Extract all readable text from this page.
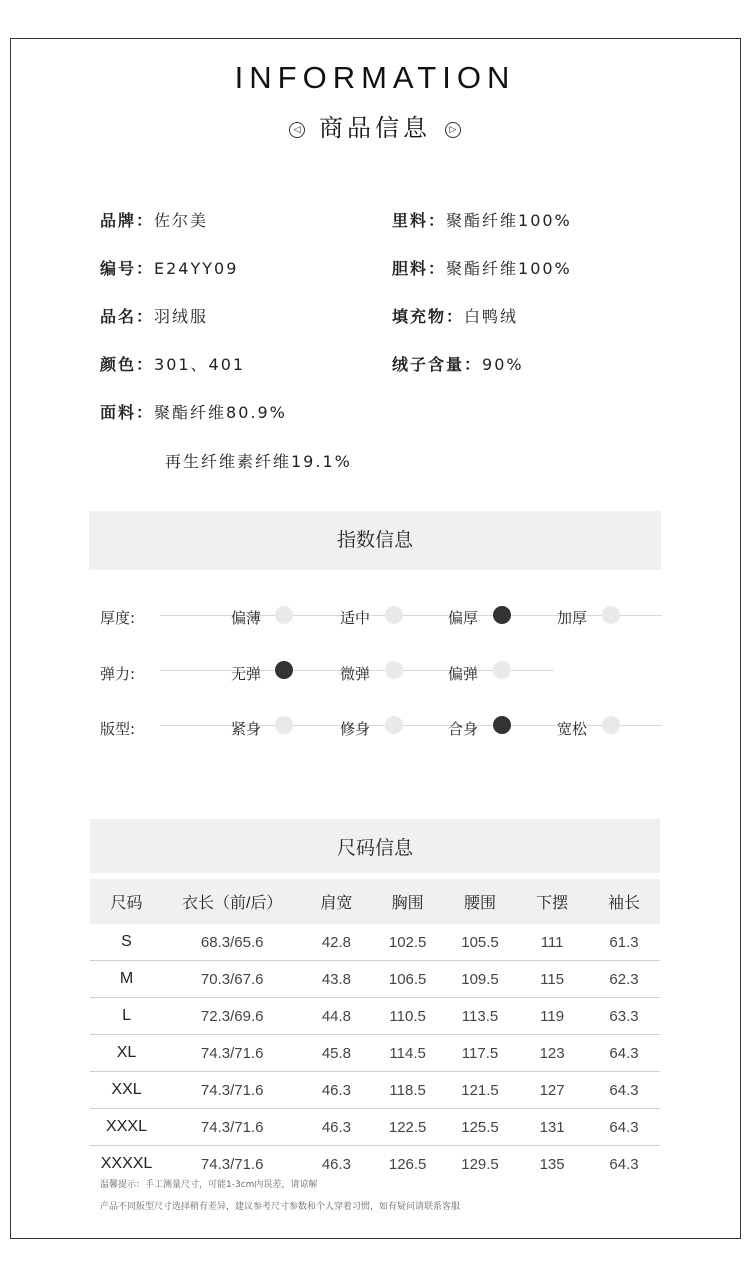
INFORMATION
◁ 商品信息 ▷
品牌：佐尔美
编号：E24YY09
品名：羽绒服
颜色：301、401
面料：聚酯纤维80.9%
再生纤维素纤维19.1%
里料：聚酯纤维100%
胆料：聚酯纤维100%
填充物：白鸭绒
绒子含量：90%
指数信息
厚度:	偏薄	适中	偏厚	加厚
弹力:	无弹	微弹	偏弹
版型:	紧身	修身	合身	宽松
尺码信息
尺码	衣长（前/后）	肩宽	胸围	腰围	下摆	袖长
S	68.3/65.6	42.8	102.5	105.5	111	61.3
M	70.3/67.6	43.8	106.5	109.5	115	62.3
L	72.3/69.6	44.8	110.5	113.5	119	63.3
XL	74.3/71.6	45.8	114.5	117.5	123	64.3
XXL	74.3/71.6	46.3	118.5	121.5	127	64.3
XXXL	74.3/71.6	46.3	122.5	125.5	131	64.3
XXXXL	74.3/71.6	46.3	126.5	129.5	135	64.3
温馨提示：手工测量尺寸，可能1-3cm内误差，请谅解
产品不同版型尺寸选择稍有差异，建议参考尺寸参数和个人穿着习惯，如有疑问请联系客服
